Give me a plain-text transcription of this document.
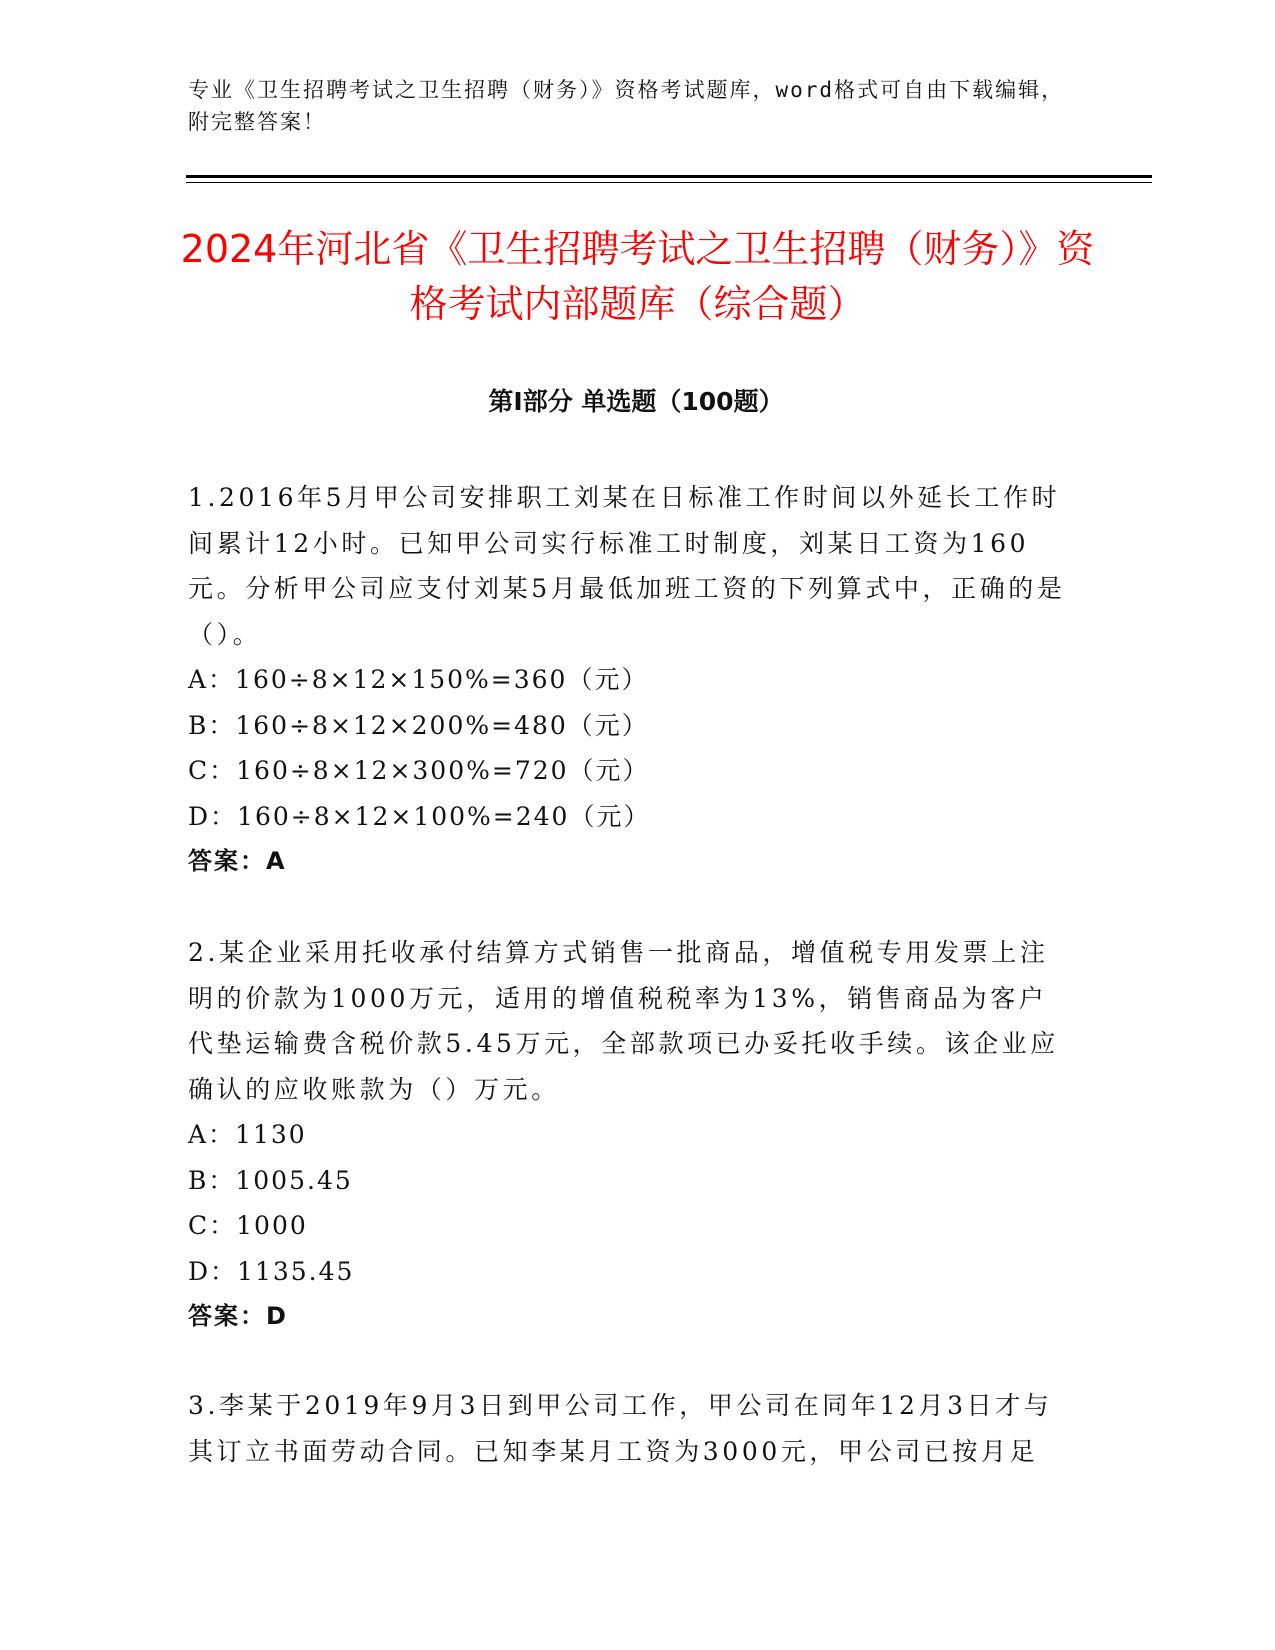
专业《卫生招聘考试之卫生招聘（财务）》资格考试题库，word格式可自由下载编辑，附完整答案！
2024年河北省《卫生招聘考试之卫生招聘（财务）》资格考试内部题库（综合题）
第I部分 单选题（100题）
1.2016年5月甲公司安排职工刘某在日标准工作时间以外延长工作时间累计12小时。已知甲公司实行标准工时制度，刘某日工资为160元。分析甲公司应支付刘某5月最低加班工资的下列算式中，正确的是（）。
A：160÷8×12×150%=360（元）
B：160÷8×12×200%=480（元）
C：160÷8×12×300%=720（元）
D：160÷8×12×100%=240（元）
答案：A
2.某企业采用托收承付结算方式销售一批商品，增值税专用发票上注明的价款为1000万元，适用的增值税税率为13%，销售商品为客户代垫运输费含税价款5.45万元，全部款项已办妥托收手续。该企业应确认的应收账款为（）万元。
A：1130
B：1005.45
C：1000
D：1135.45
答案：D
3.李某于2019年9月3日到甲公司工作，甲公司在同年12月3日才与其订立书面劳动合同。已知李某月工资为3000元，甲公司已按月足
